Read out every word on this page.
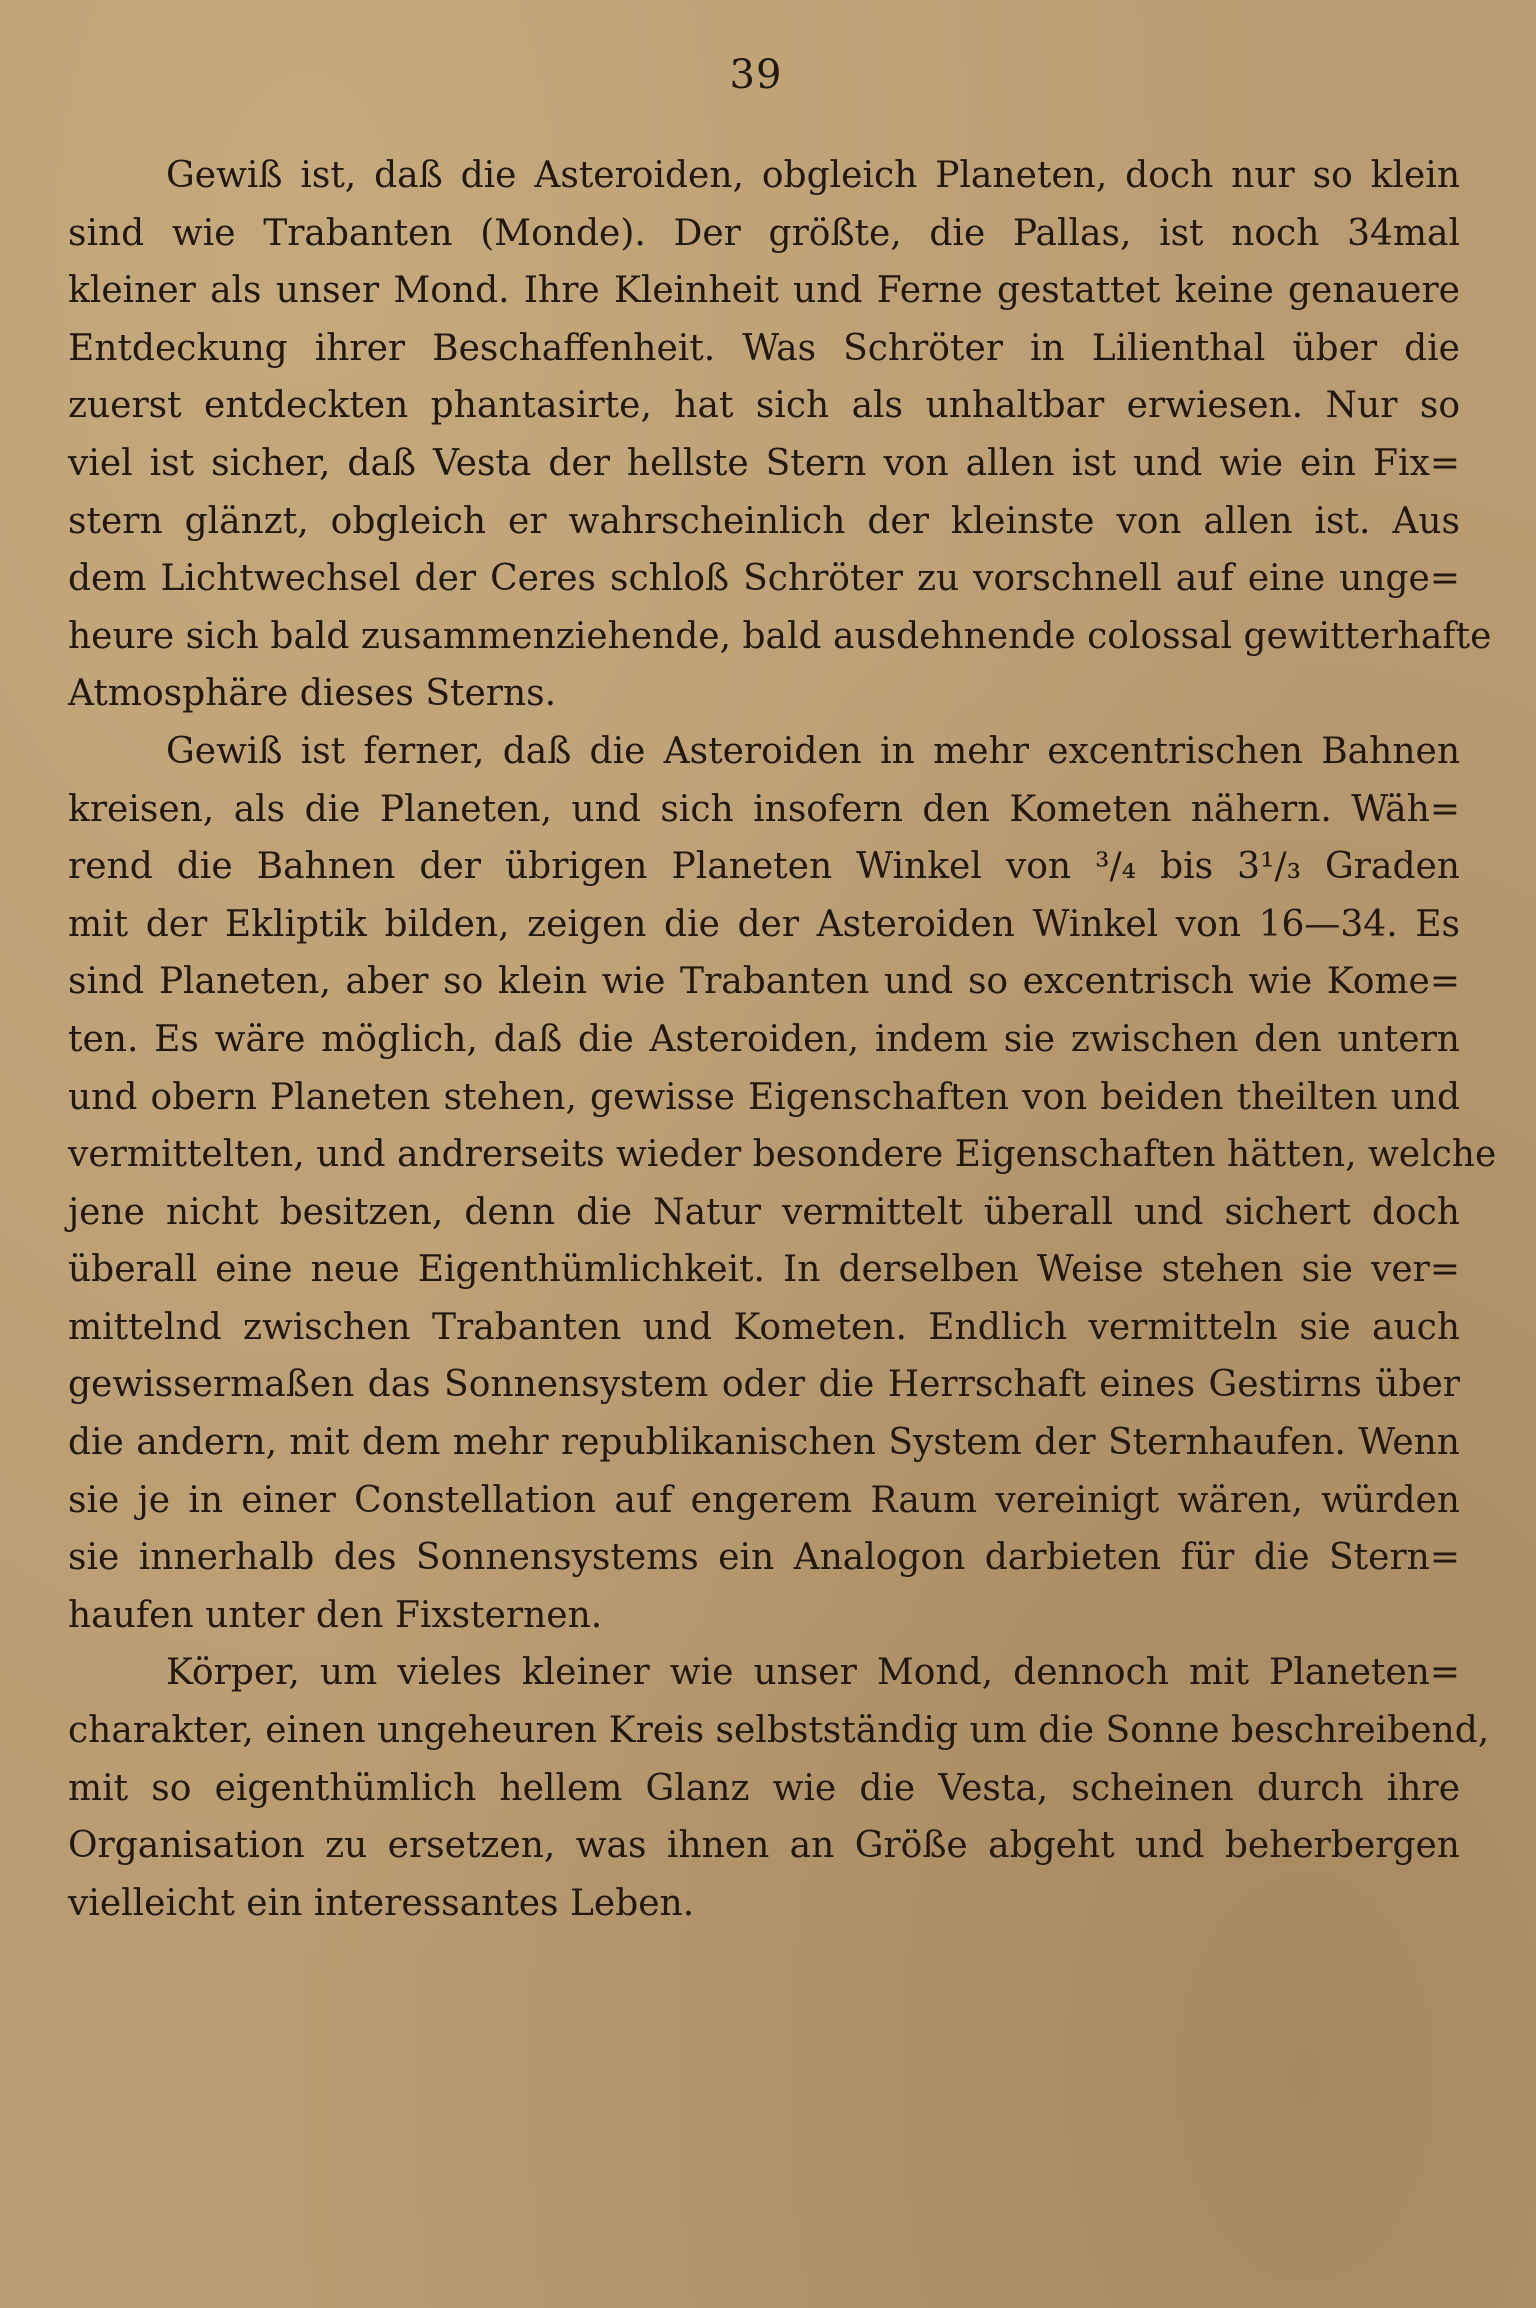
39
Gewiß ist, daß die Asteroiden, obgleich Planeten, doch nur so klein
sind wie Trabanten (Monde). Der größte, die Pallas, ist noch 34mal
kleiner als unser Mond. Ihre Kleinheit und Ferne gestattet keine genauere
Entdeckung ihrer Beschaffenheit. Was Schröter in Lilienthal über die
zuerst entdeckten phantasirte, hat sich als unhaltbar erwiesen. Nur so
viel ist sicher, daß Vesta der hellste Stern von allen ist und wie ein Fix=
stern glänzt, obgleich er wahrscheinlich der kleinste von allen ist. Aus
dem Lichtwechsel der Ceres schloß Schröter zu vorschnell auf eine unge=
heure sich bald zusammenziehende, bald ausdehnende colossal gewitterhafte
Atmosphäre dieses Sterns.
Gewiß ist ferner, daß die Asteroiden in mehr excentrischen Bahnen
kreisen, als die Planeten, und sich insofern den Kometen nähern. Wäh=
rend die Bahnen der übrigen Planeten Winkel von ³/₄ bis 3¹/₃ Graden
mit der Ekliptik bilden, zeigen die der Asteroiden Winkel von 16—34. Es
sind Planeten, aber so klein wie Trabanten und so excentrisch wie Kome=
ten. Es wäre möglich, daß die Asteroiden, indem sie zwischen den untern
und obern Planeten stehen, gewisse Eigenschaften von beiden theilten und
vermittelten, und andrerseits wieder besondere Eigenschaften hätten, welche
jene nicht besitzen, denn die Natur vermittelt überall und sichert doch
überall eine neue Eigenthümlichkeit. In derselben Weise stehen sie ver=
mittelnd zwischen Trabanten und Kometen. Endlich vermitteln sie auch
gewissermaßen das Sonnensystem oder die Herrschaft eines Gestirns über
die andern, mit dem mehr republikanischen System der Sternhaufen. Wenn
sie je in einer Constellation auf engerem Raum vereinigt wären, würden
sie innerhalb des Sonnensystems ein Analogon darbieten für die Stern=
haufen unter den Fixsternen.
Körper, um vieles kleiner wie unser Mond, dennoch mit Planeten=
charakter, einen ungeheuren Kreis selbstständig um die Sonne beschreibend,
mit so eigenthümlich hellem Glanz wie die Vesta, scheinen durch ihre
Organisation zu ersetzen, was ihnen an Größe abgeht und beherbergen
vielleicht ein interessantes Leben.
